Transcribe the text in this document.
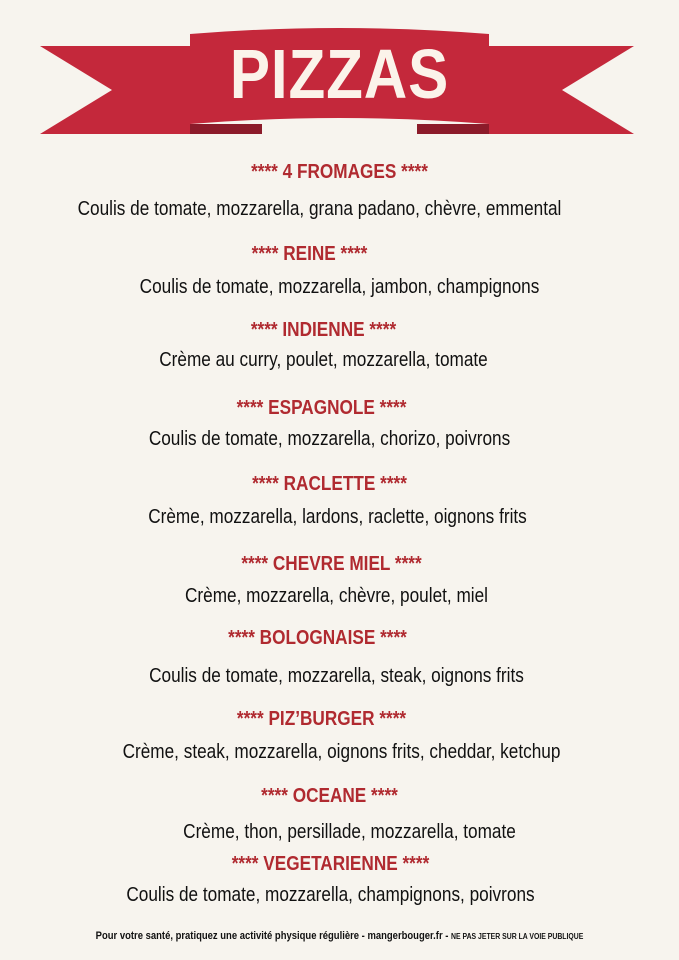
PIZZAS
**** 4 FROMAGES ****
Coulis de tomate, mozzarella, grana padano, chèvre, emmental
**** REINE ****
Coulis de tomate, mozzarella, jambon, champignons
**** INDIENNE ****
Crème au curry, poulet, mozzarella, tomate
**** ESPAGNOLE ****
Coulis de tomate, mozzarella, chorizo, poivrons
**** RACLETTE ****
Crème, mozzarella, lardons, raclette, oignons frits
**** CHEVRE MIEL ****
Crème, mozzarella, chèvre, poulet, miel
**** BOLOGNAISE ****
Coulis de tomate, mozzarella, steak, oignons frits
**** PIZ’BURGER ****
Crème, steak, mozzarella, oignons frits, cheddar, ketchup
**** OCEANE ****
Crème, thon, persillade, mozzarella, tomate
**** VEGETARIENNE ****
Coulis de tomate, mozzarella, champignons, poivrons
Pour votre santé, pratiquez une activité physique régulière - mangerbouger.fr - NE PAS JETER SUR LA VOIE PUBLIQUE
